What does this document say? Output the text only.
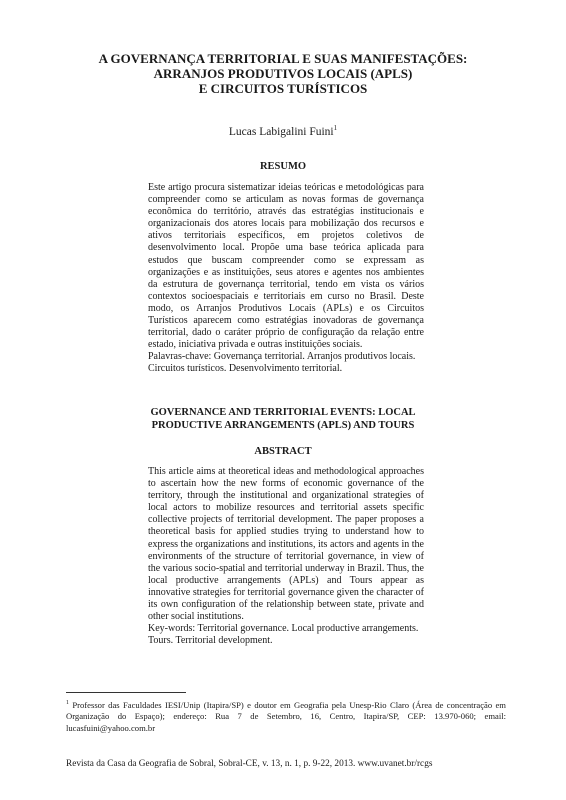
A GOVERNANÇA TERRITORIAL E SUAS MANIFESTAÇÕES:
ARRANJOS PRODUTIVOS LOCAIS (APLS)
E CIRCUITOS TURÍSTICOS
Lucas Labigalini Fuini$^1$
RESUMO

Este artigo procura sistematizar ideias teóricas e metodológicas para compreender como se articulam as novas formas de governança econômica do território, através das estratégias institucionais e organizacionais dos atores locais para mobilização dos recursos e ativos territoriais específicos, em projetos coletivos de desenvolvimento local. Propõe uma base teórica aplicada para estudos que buscam compreender como se expressam as organizações e as instituições, seus atores e agentes nos ambientes da estrutura de governança territorial, tendo em vista os vários contextos socioespaciais e territoriais em curso no Brasil. Deste modo, os Arranjos Produtivos Locais (APLs) e os Circuitos Turísticos aparecem como estratégias inovadoras de governança territorial, dado o caráter próprio de configuração da relação entre estado, iniciativa privada e outras instituições sociais.

Palavras-chave: Governança territorial. Arranjos produtivos locais. Circuitos turísticos. Desenvolvimento territorial.

GOVERNANCE AND TERRITORIAL EVENTS: LOCAL
PRODUCTIVE ARRANGEMENTS (APLS) AND TOURS
ABSTRACT

This article aims at theoretical ideas and methodological approaches to ascertain how the new forms of economic governance of the territory, through the institutional and organizational strategies of local actors to mobilize resources and territorial assets specific collective projects of territorial development. The paper proposes a theoretical basis for applied studies trying to understand how to express the organizations and institutions, its actors and agents in the environments of the structure of territorial governance, in view of the various socio-spatial and territorial underway in Brazil. Thus, the local productive arrangements (APLs) and Tours appear as innovative strategies for territorial governance given the character of its own configuration of the relationship between state, private and other social institutions.

Key-words: Territorial governance. Local productive arrangements. Tours. Territorial development.

$^1$ Professor das Faculdades IESI/Unip (Itapira/SP) e doutor em Geografia pela Unesp-Rio Claro (Área de concentração em Organização do Espaço); endereço: Rua 7 de Setembro, 16, Centro, Itapira/SP, CEP: 13.970-060; email: lucasfuini@yahoo.com.br
Revista da Casa da Geografia de Sobral, Sobral-CE, v. 13, n. 1, p. 9-22, 2013. www.uvanet.br/rcgs
